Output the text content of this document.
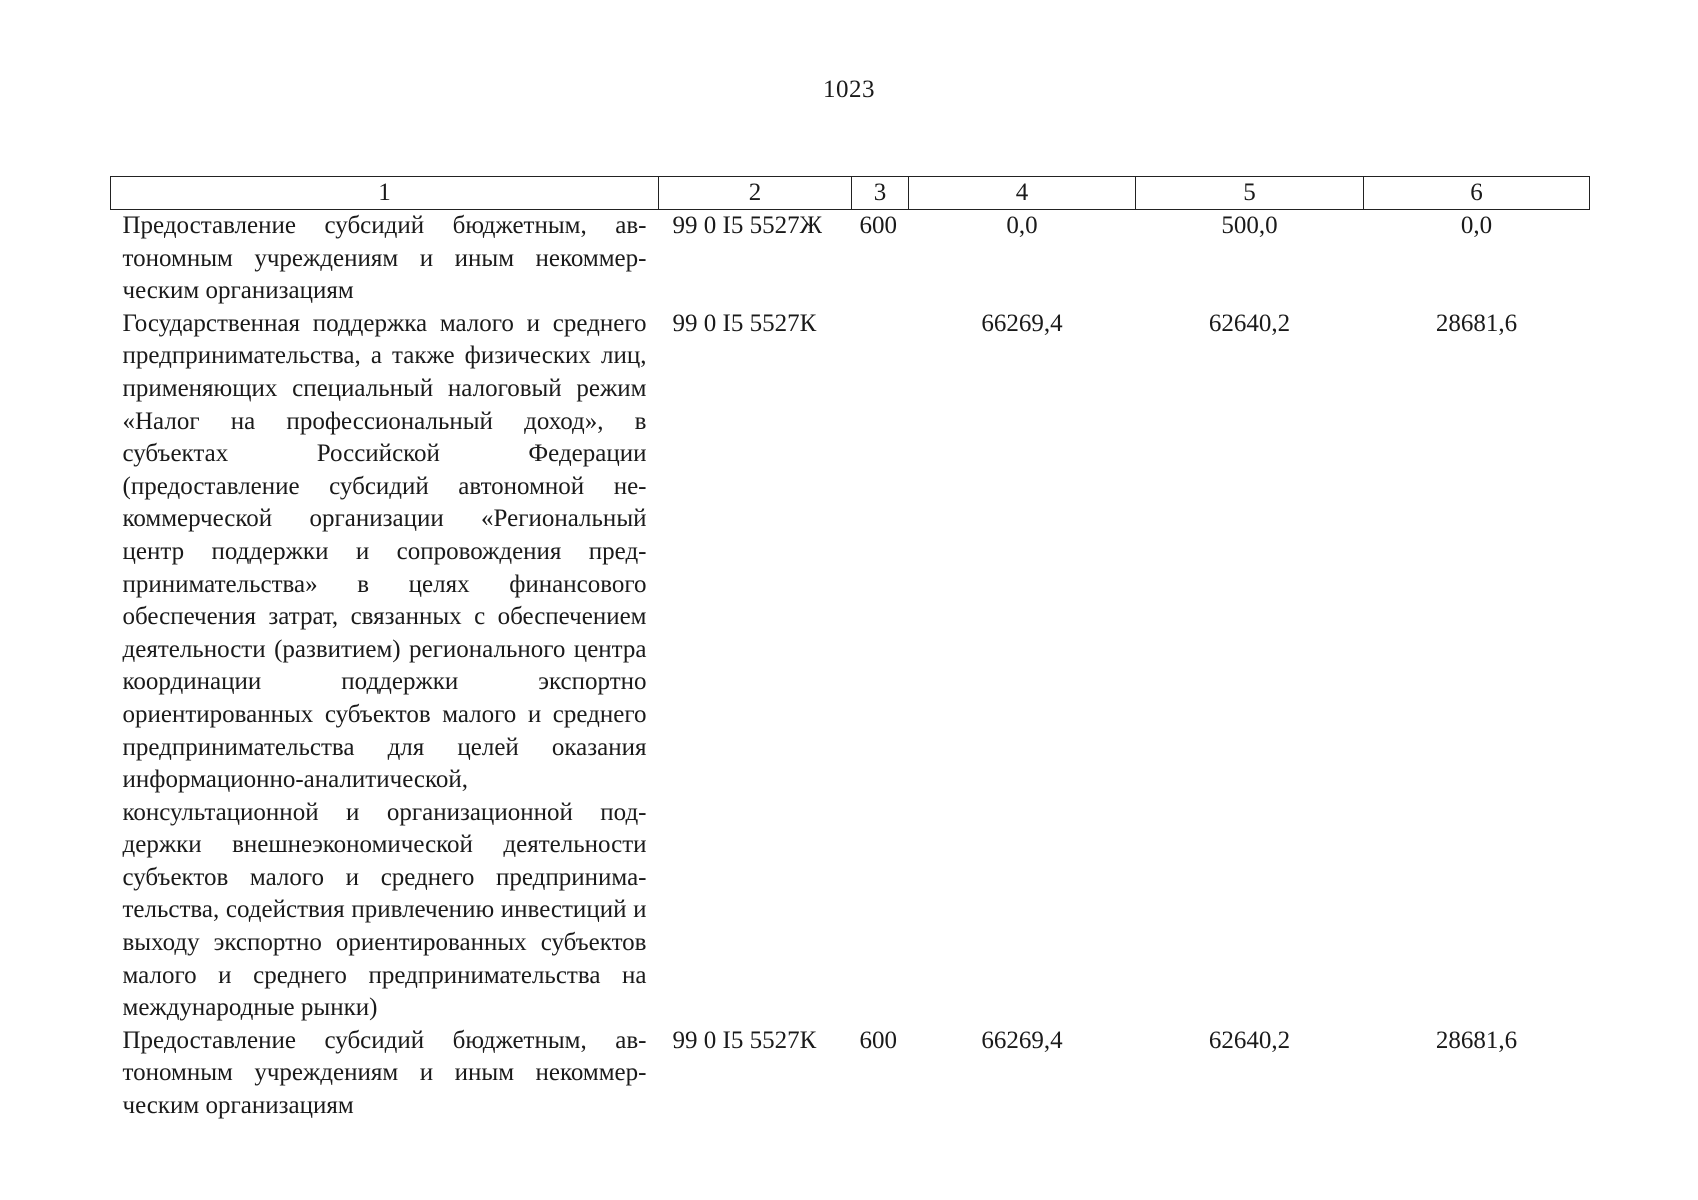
1023
1	2	3	4	5	6
Предоставление субсидий бюджетным, автономным учреждениям и иным некоммерческим организациям	99 0 I5 5527Ж	600	0,0	500,0	0,0
Государственная поддержка малого и среднего предпринимательства, а также физических лиц, применяющих специальный налоговый режим «Налог на профессиональный доход», в субъектах Российской Федерации (предоставление субсидий автономной некоммерческой организации «Региональный центр поддержки и сопровождения предпринимательства» в целях финансового обеспечения затрат, связанных с обеспечением деятельности (развитием) регионального центра координации поддержки экспортно ориентированных субъектов малого и среднего предпринимательства для целей оказания информационно-аналитической, консультационной и организационной поддержки внешнеэкономической деятельности субъектов малого и среднего предпринимательства, содействия привлечению инвестиций и выходу экспортно ориентированных субъектов малого и среднего предпринимательства на международные рынки)	99 0 I5 5527К		66269,4	62640,2	28681,6
Предоставление субсидий бюджетным, автономным учреждениям и иным некоммерческим организациям	99 0 I5 5527К	600	66269,4	62640,2	28681,6
